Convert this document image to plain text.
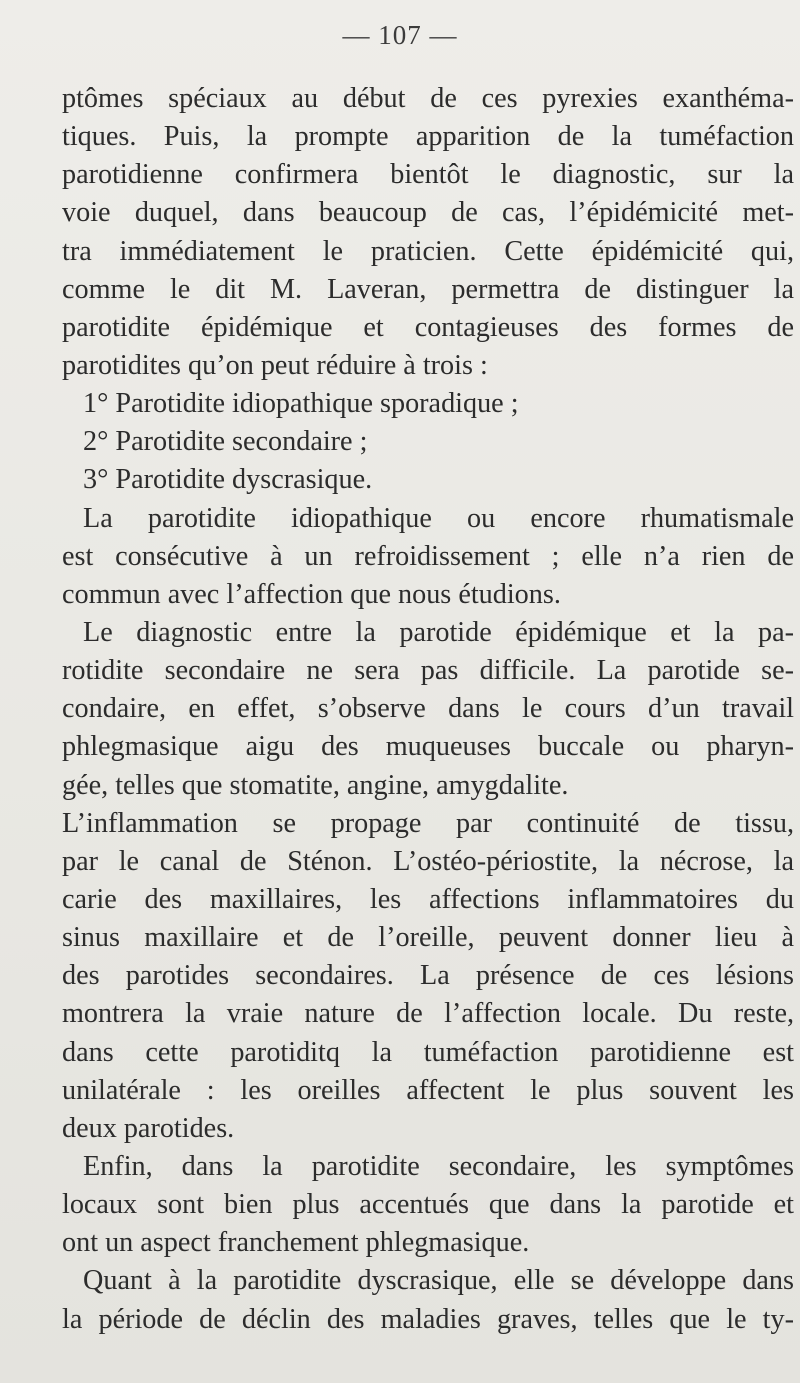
— 107 —
ptômes spéciaux au début de ces pyrexies exanthéma-
tiques. Puis, la prompte apparition de la tuméfaction
parotidienne confirmera bientôt le diagnostic, sur la
voie duquel, dans beaucoup de cas, l’épidémicité met-
tra immédiatement le praticien. Cette épidémicité qui,
comme le dit M. Laveran, permettra de distinguer la
parotidite épidémique et contagieuses des formes de
parotidites qu’on peut réduire à trois :
1° Parotidite idiopathique sporadique ;
2° Parotidite secondaire ;
3° Parotidite dyscrasique.
La parotidite idiopathique ou encore rhumatismale
est consécutive à un refroidissement ; elle n’a rien de
commun avec l’affection que nous étudions.
Le diagnostic entre la parotide épidémique et la pa-
rotidite secondaire ne sera pas difficile. La parotide se-
condaire, en effet, s’observe dans le cours d’un travail
phlegmasique aigu des muqueuses buccale ou pharyn-
gée, telles que stomatite, angine, amygdalite.
L’inflammation se propage par continuité de tissu,
par le canal de Sténon. L’ostéo-périostite, la nécrose, la
carie des maxillaires, les affections inflammatoires du
sinus maxillaire et de l’oreille, peuvent donner lieu à
des parotides secondaires. La présence de ces lésions
montrera la vraie nature de l’affection locale. Du reste,
dans cette parotiditq la tuméfaction parotidienne est
unilatérale : les oreilles affectent le plus souvent les
deux parotides.
Enfin, dans la parotidite secondaire, les symptômes
locaux sont bien plus accentués que dans la parotide et
ont un aspect franchement phlegmasique.
Quant à la parotidite dyscrasique, elle se développe dans
la période de déclin des maladies graves, telles que le ty-
